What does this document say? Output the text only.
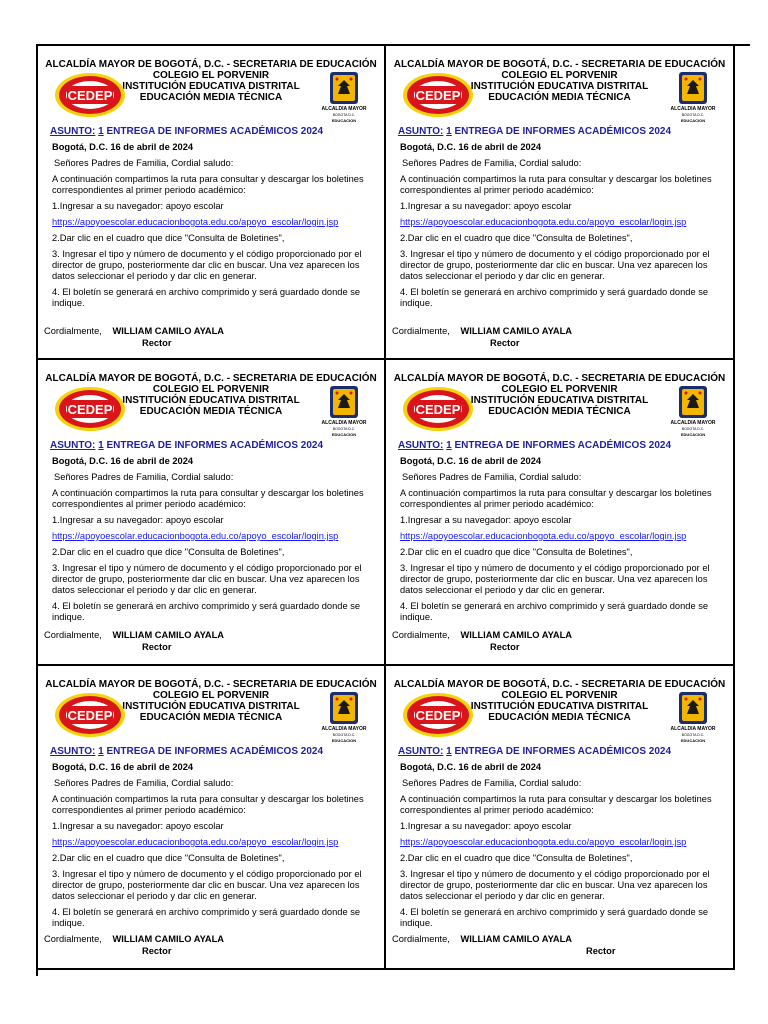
ALCALDÍA MAYOR DE BOGOTÁ, D.C. - SECRETARIA DE EDUCACIÓN
COLEGIO EL PORVENIR
INSTITUCIÓN EDUCATIVA DISTRITAL
EDUCACIÓN MEDIA TÉCNICA
CEDEP
ALCALDIA MAYOR
BOGOTA D.C.
EDUCACION
ASUNTO: 1 ENTREGA DE INFORMES ACADÉMICOS 2024

Bogotá, D.C. 16 de abril de 2024

Señores Padres de Familia, Cordial saludo:

A continuación compartimos la ruta para consultar y descargar los boletines correspondientes al primer periodo académico:

1.Ingresar a su navegador: apoyo escolar

https://apoyoescolar.educacionbogota.edu.co/apoyo_escolar/login.jsp

2.Dar clic en el cuadro que dice "Consulta de Boletines",

3. Ingresar el tipo y número de documento y el código proporcionado por el director de grupo, posteriormente dar clic en buscar. Una vez aparecen los datos seleccionar el periodo y dar clic en generar.

4. El boletín se generará en archivo comprimido y será guardado donde se indique.

Cordialmente, WILLIAM CAMILO AYALA
Rector
ALCALDÍA MAYOR DE BOGOTÁ, D.C. - SECRETARIA DE EDUCACIÓN
COLEGIO EL PORVENIR
INSTITUCIÓN EDUCATIVA DISTRITAL
EDUCACIÓN MEDIA TÉCNICA
CEDEP
ALCALDIA MAYOR
BOGOTA D.C.
EDUCACION
ASUNTO: 1 ENTREGA DE INFORMES ACADÉMICOS 2024

Bogotá, D.C. 16 de abril de 2024

Señores Padres de Familia, Cordial saludo:

A continuación compartimos la ruta para consultar y descargar los boletines correspondientes al primer periodo académico:

1.Ingresar a su navegador: apoyo escolar

https://apoyoescolar.educacionbogota.edu.co/apoyo_escolar/login.jsp

2.Dar clic en el cuadro que dice "Consulta de Boletines",

3. Ingresar el tipo y número de documento y el código proporcionado por el director de grupo, posteriormente dar clic en buscar. Una vez aparecen los datos seleccionar el periodo y dar clic en generar.

4. El boletín se generará en archivo comprimido y será guardado donde se indique.

Cordialmente, WILLIAM CAMILO AYALA
Rector
ALCALDÍA MAYOR DE BOGOTÁ, D.C. - SECRETARIA DE EDUCACIÓN
COLEGIO EL PORVENIR
INSTITUCIÓN EDUCATIVA DISTRITAL
EDUCACIÓN MEDIA TÉCNICA
CEDEP
ALCALDIA MAYOR
BOGOTA D.C.
EDUCACION
ASUNTO: 1 ENTREGA DE INFORMES ACADÉMICOS 2024

Bogotá, D.C. 16 de abril de 2024

Señores Padres de Familia, Cordial saludo:

A continuación compartimos la ruta para consultar y descargar los boletines correspondientes al primer periodo académico:

1.Ingresar a su navegador: apoyo escolar

https://apoyoescolar.educacionbogota.edu.co/apoyo_escolar/login.jsp

2.Dar clic en el cuadro que dice "Consulta de Boletines",

3. Ingresar el tipo y número de documento y el código proporcionado por el director de grupo, posteriormente dar clic en buscar. Una vez aparecen los datos seleccionar el periodo y dar clic en generar.

4. El boletín se generará en archivo comprimido y será guardado donde se indique.

Cordialmente, WILLIAM CAMILO AYALA
Rector
ALCALDÍA MAYOR DE BOGOTÁ, D.C. - SECRETARIA DE EDUCACIÓN
COLEGIO EL PORVENIR
INSTITUCIÓN EDUCATIVA DISTRITAL
EDUCACIÓN MEDIA TÉCNICA
CEDEP
ALCALDIA MAYOR
BOGOTA D.C.
EDUCACION
ASUNTO: 1 ENTREGA DE INFORMES ACADÉMICOS 2024

Bogotá, D.C. 16 de abril de 2024

Señores Padres de Familia, Cordial saludo:

A continuación compartimos la ruta para consultar y descargar los boletines correspondientes al primer periodo académico:

1.Ingresar a su navegador: apoyo escolar

https://apoyoescolar.educacionbogota.edu.co/apoyo_escolar/login.jsp

2.Dar clic en el cuadro que dice "Consulta de Boletines",

3. Ingresar el tipo y número de documento y el código proporcionado por el director de grupo, posteriormente dar clic en buscar. Una vez aparecen los datos seleccionar el periodo y dar clic en generar.

4. El boletín se generará en archivo comprimido y será guardado donde se indique.

Cordialmente, WILLIAM CAMILO AYALA
Rector
ALCALDÍA MAYOR DE BOGOTÁ, D.C. - SECRETARIA DE EDUCACIÓN
COLEGIO EL PORVENIR
INSTITUCIÓN EDUCATIVA DISTRITAL
EDUCACIÓN MEDIA TÉCNICA
CEDEP
ALCALDIA MAYOR
BOGOTA D.C.
EDUCACION
ASUNTO: 1 ENTREGA DE INFORMES ACADÉMICOS 2024

Bogotá, D.C. 16 de abril de 2024

Señores Padres de Familia, Cordial saludo:

A continuación compartimos la ruta para consultar y descargar los boletines correspondientes al primer periodo académico:

1.Ingresar a su navegador: apoyo escolar

https://apoyoescolar.educacionbogota.edu.co/apoyo_escolar/login.jsp

2.Dar clic en el cuadro que dice "Consulta de Boletines",

3. Ingresar el tipo y número de documento y el código proporcionado por el director de grupo, posteriormente dar clic en buscar. Una vez aparecen los datos seleccionar el periodo y dar clic en generar.

4. El boletín se generará en archivo comprimido y será guardado donde se indique.

Cordialmente, WILLIAM CAMILO AYALA
Rector
ALCALDÍA MAYOR DE BOGOTÁ, D.C. - SECRETARIA DE EDUCACIÓN
COLEGIO EL PORVENIR
INSTITUCIÓN EDUCATIVA DISTRITAL
EDUCACIÓN MEDIA TÉCNICA
CEDEP
ALCALDIA MAYOR
BOGOTA D.C.
EDUCACION
ASUNTO: 1 ENTREGA DE INFORMES ACADÉMICOS 2024

Bogotá, D.C. 16 de abril de 2024

Señores Padres de Familia, Cordial saludo:

A continuación compartimos la ruta para consultar y descargar los boletines correspondientes al primer periodo académico:

1.Ingresar a su navegador: apoyo escolar

https://apoyoescolar.educacionbogota.edu.co/apoyo_escolar/login.jsp

2.Dar clic en el cuadro que dice "Consulta de Boletines",

3. Ingresar el tipo y número de documento y el código proporcionado por el director de grupo, posteriormente dar clic en buscar. Una vez aparecen los datos seleccionar el periodo y dar clic en generar.

4. El boletín se generará en archivo comprimido y será guardado donde se indique.

Cordialmente, WILLIAM CAMILO AYALA
Rector
